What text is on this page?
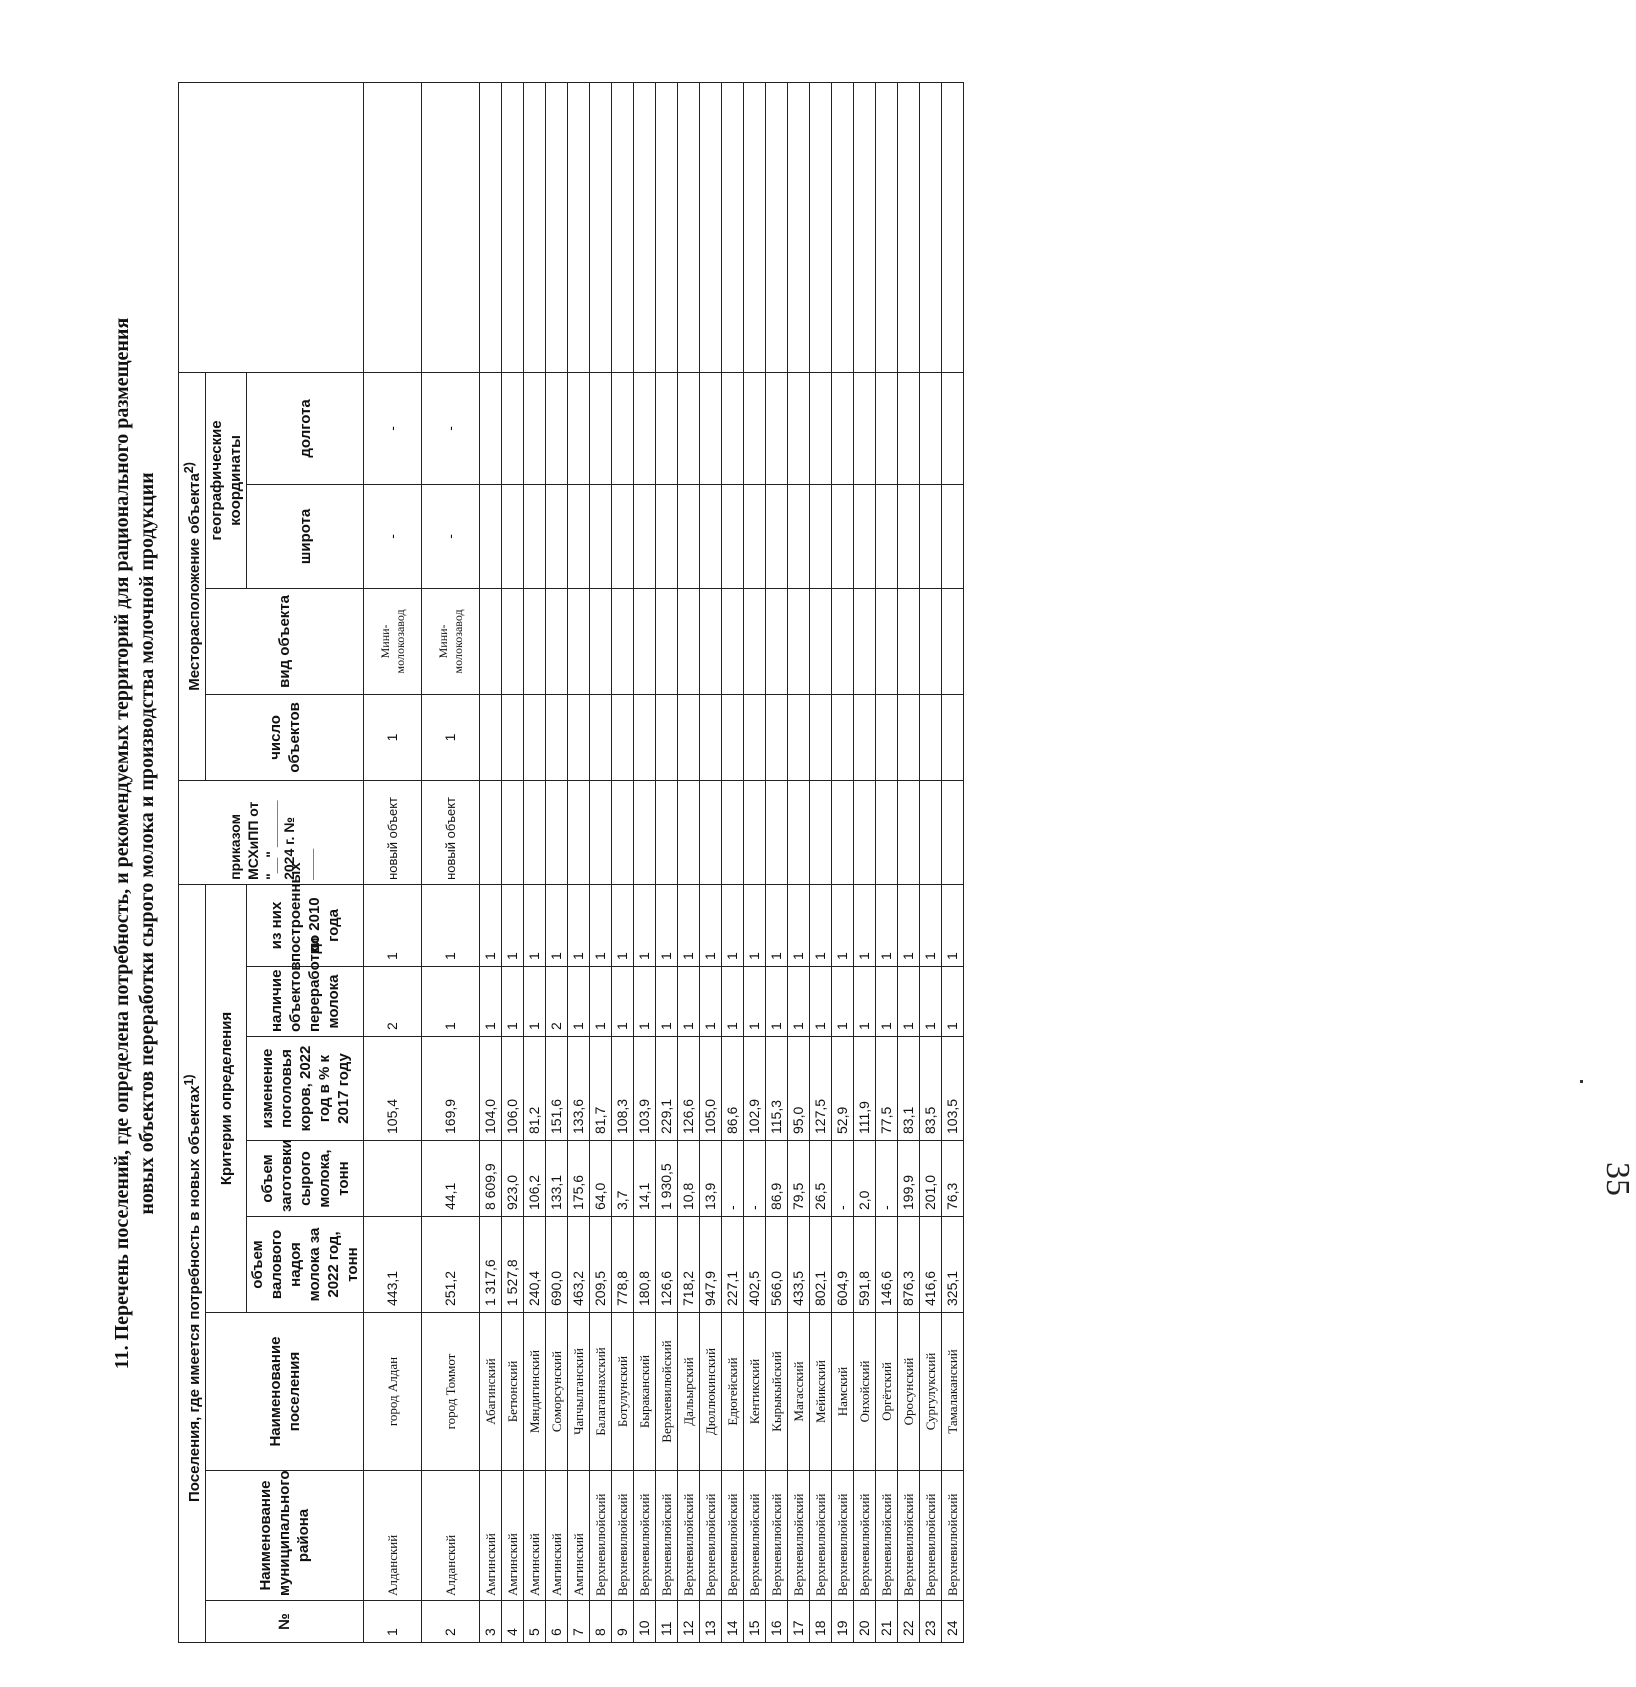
11. Перечень поселений, где определена потребность, и рекомендуемых территорий для рационального размещения новых объектов переработки сырого молока и производства молочной продукции
Поселения, где имеется потребность в новых объектах$^{1)}$								приказом МСХиПП от "__" ______ 2024 г. № ____	Месторасположение объекта$^{2)}$	
№	Наименование муниципального района	Наименование поселения	Критерии определения						число объектов	вид объекта	географические координаты		
			объем валового надоя молока за 2022 год, тонн	объем заготовки сырого молока, тонн	изменение поголовья коров, 2022 год в % к 2017 году	наличие объектов переработки молока	из них построенных до 2010 года				широта	долгота	
1	Алданский	город Алдан	443,1		105,4	2	1	новый объект	1	Мини-молокозавод	-	-	
2	Алданский	город Томмот	251,2	44,1	169,9	1	1	новый объект	1	Мини-молокозавод	-	-	
3	Амгинский	Абагинский	1 317,6	8 609,9	104,0	1	1						
4	Амгинский	Бетюнский	1 527,8	923,0	106,0	1	1						
5	Амгинский	Мяндигинский	240,4	106,2	81,2	1	1						
6	Амгинский	Соморсунский	690,0	133,1	151,6	2	1						
7	Амгинский	Чапчылганский	463,2	175,6	133,6	1	1						
8	Верхневилюйский	Балаганнахский	209,5	64,0	81,7	1	1						
9	Верхневилюйский	Ботулунский	778,8	3,7	108,3	1	1						
10	Верхневилюйский	Быраканский	180,8	14,1	103,9	1	1						
11	Верхневилюйский	Верхневилюйский	126,6	1 930,5	229,1	1	1						
12	Верхневилюйский	Дальырский	718,2	10,8	126,6	1	1						
13	Верхневилюйский	Дюллюкинский	947,9	13,9	105,0	1	1						
14	Верхневилюйский	Едюгейский	227,1	-	86,6	1	1						
15	Верхневилюйский	Кентикский	402,5	-	102,9	1	1						
16	Верхневилюйский	Кырыкыйский	566,0	86,9	115,3	1	1						
17	Верхневилюйский	Магасский	433,5	79,5	95,0	1	1						
18	Верхневилюйский	Мейикский	802,1	26,5	127,5	1	1						
19	Верхневилюйский	Намский	604,9	-	52,9	1	1						
20	Верхневилюйский	Онхойский	591,8	2,0	111,9	1	1						
21	Верхневилюйский	Оргётский	146,6	-	77,5	1	1						
22	Верхневилюйский	Оросунский	876,3	199,9	83,1	1	1						
23	Верхневилюйский	Сургулукский	416,6	201,0	83,5	1	1						
24	Верхневилюйский	Тамалаканский	325,1	76,3	103,5	1	1						
35
